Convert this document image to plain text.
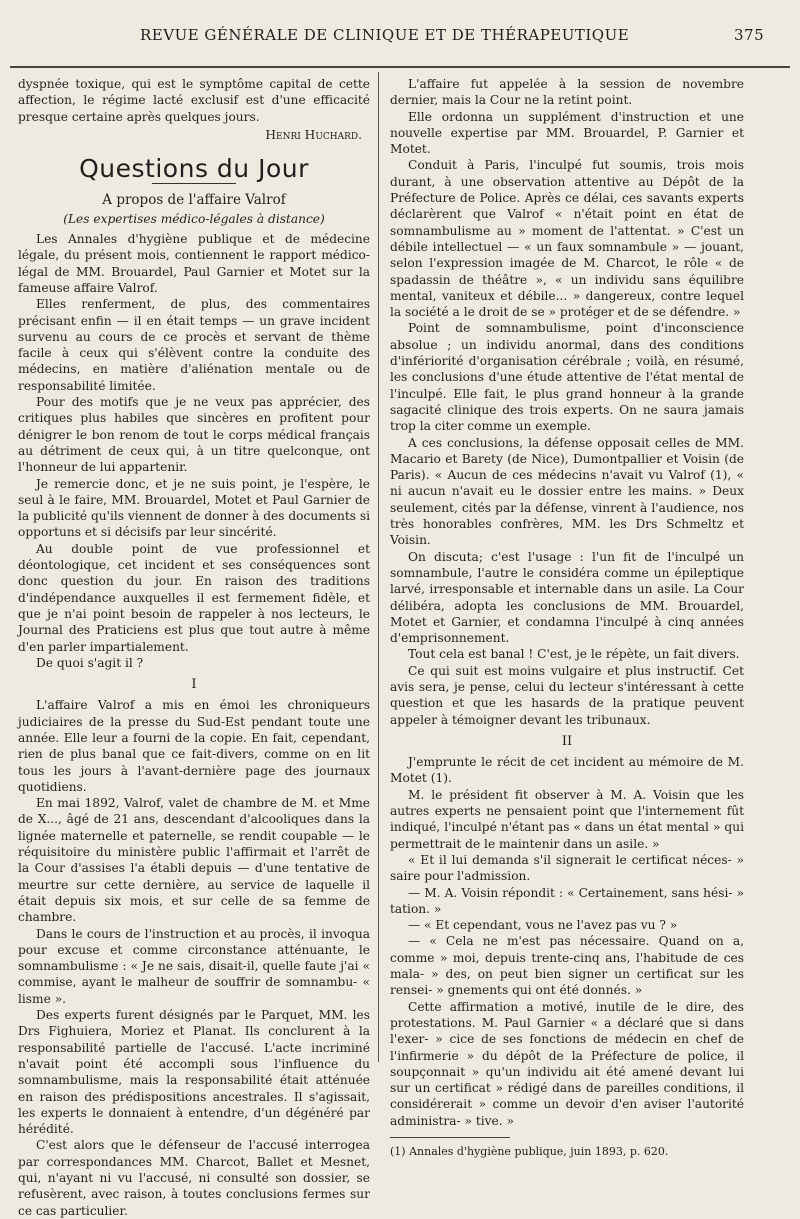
REVUE GÉNÉRALE DE CLINIQUE ET DE THÉRAPEUTIQUE	375

dyspnée toxique, qui est le symptôme capital de cette affection, le régime lacté exclusif est d'une efficacité presque certaine après quelques jours.

Henri Huchard.
Questions du Jour
A propos de l'affaire Valrof
(Les expertises médico-légales à distance)

Les Annales d'hygiène publique et de médecine légale, du présent mois, contiennent le rapport médico-légal de MM. Brouardel, Paul Garnier et Motet sur la fameuse affaire Valrof.

Elles renferment, de plus, des commentaires précisant enfin — il en était temps — un grave incident survenu au cours de ce procès et servant de thème facile à ceux qui s'élèvent contre la conduite des médecins, en matière d'aliénation mentale ou de responsabilité limitée.

Pour des motifs que je ne veux pas apprécier, des critiques plus habiles que sincères en profitent pour dénigrer le bon renom de tout le corps médical français au détriment de ceux qui, à un titre quelconque, ont l'honneur de lui appartenir.

Je remercie donc, et je ne suis point, je l'espère, le seul à le faire, MM. Brouardel, Motet et Paul Garnier de la publicité qu'ils viennent de donner à des documents si opportuns et si décisifs par leur sincérité.

Au double point de vue professionnel et déontologique, cet incident et ses conséquences sont donc question du jour. En raison des traditions d'indépendance auxquelles il est fermement fidèle, et que je n'ai point besoin de rappeler à nos lecteurs, le Journal des Praticiens est plus que tout autre à même d'en parler impartialement.

De quoi s'agit il ?

I

L'affaire Valrof a mis en émoi les chroniqueurs judiciaires de la presse du Sud-Est pendant toute une année. Elle leur a fourni de la copie. En fait, cependant, rien de plus banal que ce fait-divers, comme on en lit tous les jours à l'avant-dernière page des journaux quotidiens.

En mai 1892, Valrof, valet de chambre de M. et Mme de X..., âgé de 21 ans, descendant d'alcooliques dans la lignée maternelle et paternelle, se rendit coupable — le réquisitoire du ministère public l'affirmait et l'arrêt de la Cour d'assises l'a établi depuis — d'une tentative de meurtre sur cette dernière, au service de laquelle il était depuis six mois, et sur celle de sa femme de chambre.

Dans le cours de l'instruction et au procès, il invoqua pour excuse et comme circonstance atténuante, le somnambulisme : « Je ne sais, disait-il, quelle faute j'ai « commise, ayant le malheur de souffrir de somnambu- « lisme ».

Des experts furent désignés par le Parquet, MM. les Drs Fighuiera, Moriez et Planat. Ils conclurent à la responsabilité partielle de l'accusé. L'acte incriminé n'avait point été accompli sous l'influence du somnambulisme, mais la responsabilité était atténuée en raison des prédispositions ancestrales. Il s'agissait, les experts le donnaient à entendre, d'un dégénéré par hérédité.

C'est alors que le défenseur de l'accusé interrogea par correspondances MM. Charcot, Ballet et Mesnet, qui, n'ayant ni vu l'accusé, ni consulté son dossier, se refusèrent, avec raison, à toutes conclusions fermes sur ce cas particulier.

L'affaire fut appelée à la session de novembre dernier, mais la Cour ne la retint point.

Elle ordonna un supplément d'instruction et une nouvelle expertise par MM. Brouardel, P. Garnier et Motet.

Conduit à Paris, l'inculpé fut soumis, trois mois durant, à une observation attentive au Dépôt de la Préfecture de Police. Après ce délai, ces savants experts déclarèrent que Valrof « n'était point en état de somnambulisme au » moment de l'attentat. » C'est un débile intellectuel — « un faux somnambule » — jouant, selon l'expression imagée de M. Charcot, le rôle « de spadassin de théâtre », « un individu sans équilibre mental, vaniteux et débile... » dangereux, contre lequel la société a le droit de se » protéger et de se défendre. »

Point de somnambulisme, point d'inconscience absolue ; un individu anormal, dans des conditions d'infériorité d'organisation cérébrale ; voilà, en résumé, les conclusions d'une étude attentive de l'état mental de l'inculpé. Elle fait, le plus grand honneur à la grande sagacité clinique des trois experts. On ne saura jamais trop la citer comme un exemple.

A ces conclusions, la défense opposait celles de MM. Macario et Barety (de Nice), Dumontpallier et Voisin (de Paris). « Aucun de ces médecins n'avait vu Valrof (1), « ni aucun n'avait eu le dossier entre les mains. » Deux seulement, cités par la défense, vinrent à l'audience, nos très honorables confrères, MM. les Drs Schmeltz et Voisin.

On discuta; c'est l'usage : l'un fit de l'inculpé un somnambule, l'autre le considéra comme un épileptique larvé, irresponsable et internable dans un asile. La Cour délibéra, adopta les conclusions de MM. Brouardel, Motet et Garnier, et condamna l'inculpé à cinq années d'emprisonnement.

Tout cela est banal ! C'est, je le répète, un fait divers.

Ce qui suit est moins vulgaire et plus instructif. Cet avis sera, je pense, celui du lecteur s'intéressant à cette question et que les hasards de la pratique peuvent appeler à témoigner devant les tribunaux.

II

J'emprunte le récit de cet incident au mémoire de M. Motet (1).

M. le président fit observer à M. A. Voisin que les autres experts ne pensaient point que l'internement fût indiqué, l'inculpé n'étant pas « dans un état mental » qui permettrait de le maintenir dans un asile. »

« Et il lui demanda s'il signerait le certificat néces- » saire pour l'admission.

— M. A. Voisin répondit : « Certainement, sans hési- » tation. »

— « Et cependant, vous ne l'avez pas vu ? »

— « Cela ne m'est pas nécessaire. Quand on a, comme » moi, depuis trente-cinq ans, l'habitude de ces mala- » des, on peut bien signer un certificat sur les rensei- » gnements qui ont été donnés. »

Cette affirmation a motivé, inutile de le dire, des protestations. M. Paul Garnier « a déclaré que si dans l'exer- » cice de ses fonctions de médecin en chef de l'infirmerie » du dépôt de la Préfecture de police, il soupçonnait » qu'un individu ait été amené devant lui sur un certificat » rédigé dans de pareilles conditions, il considérerait » comme un devoir d'en aviser l'autorité administra- » tive. »

(1) Annales d'hygiène publique, juin 1893, p. 620.
